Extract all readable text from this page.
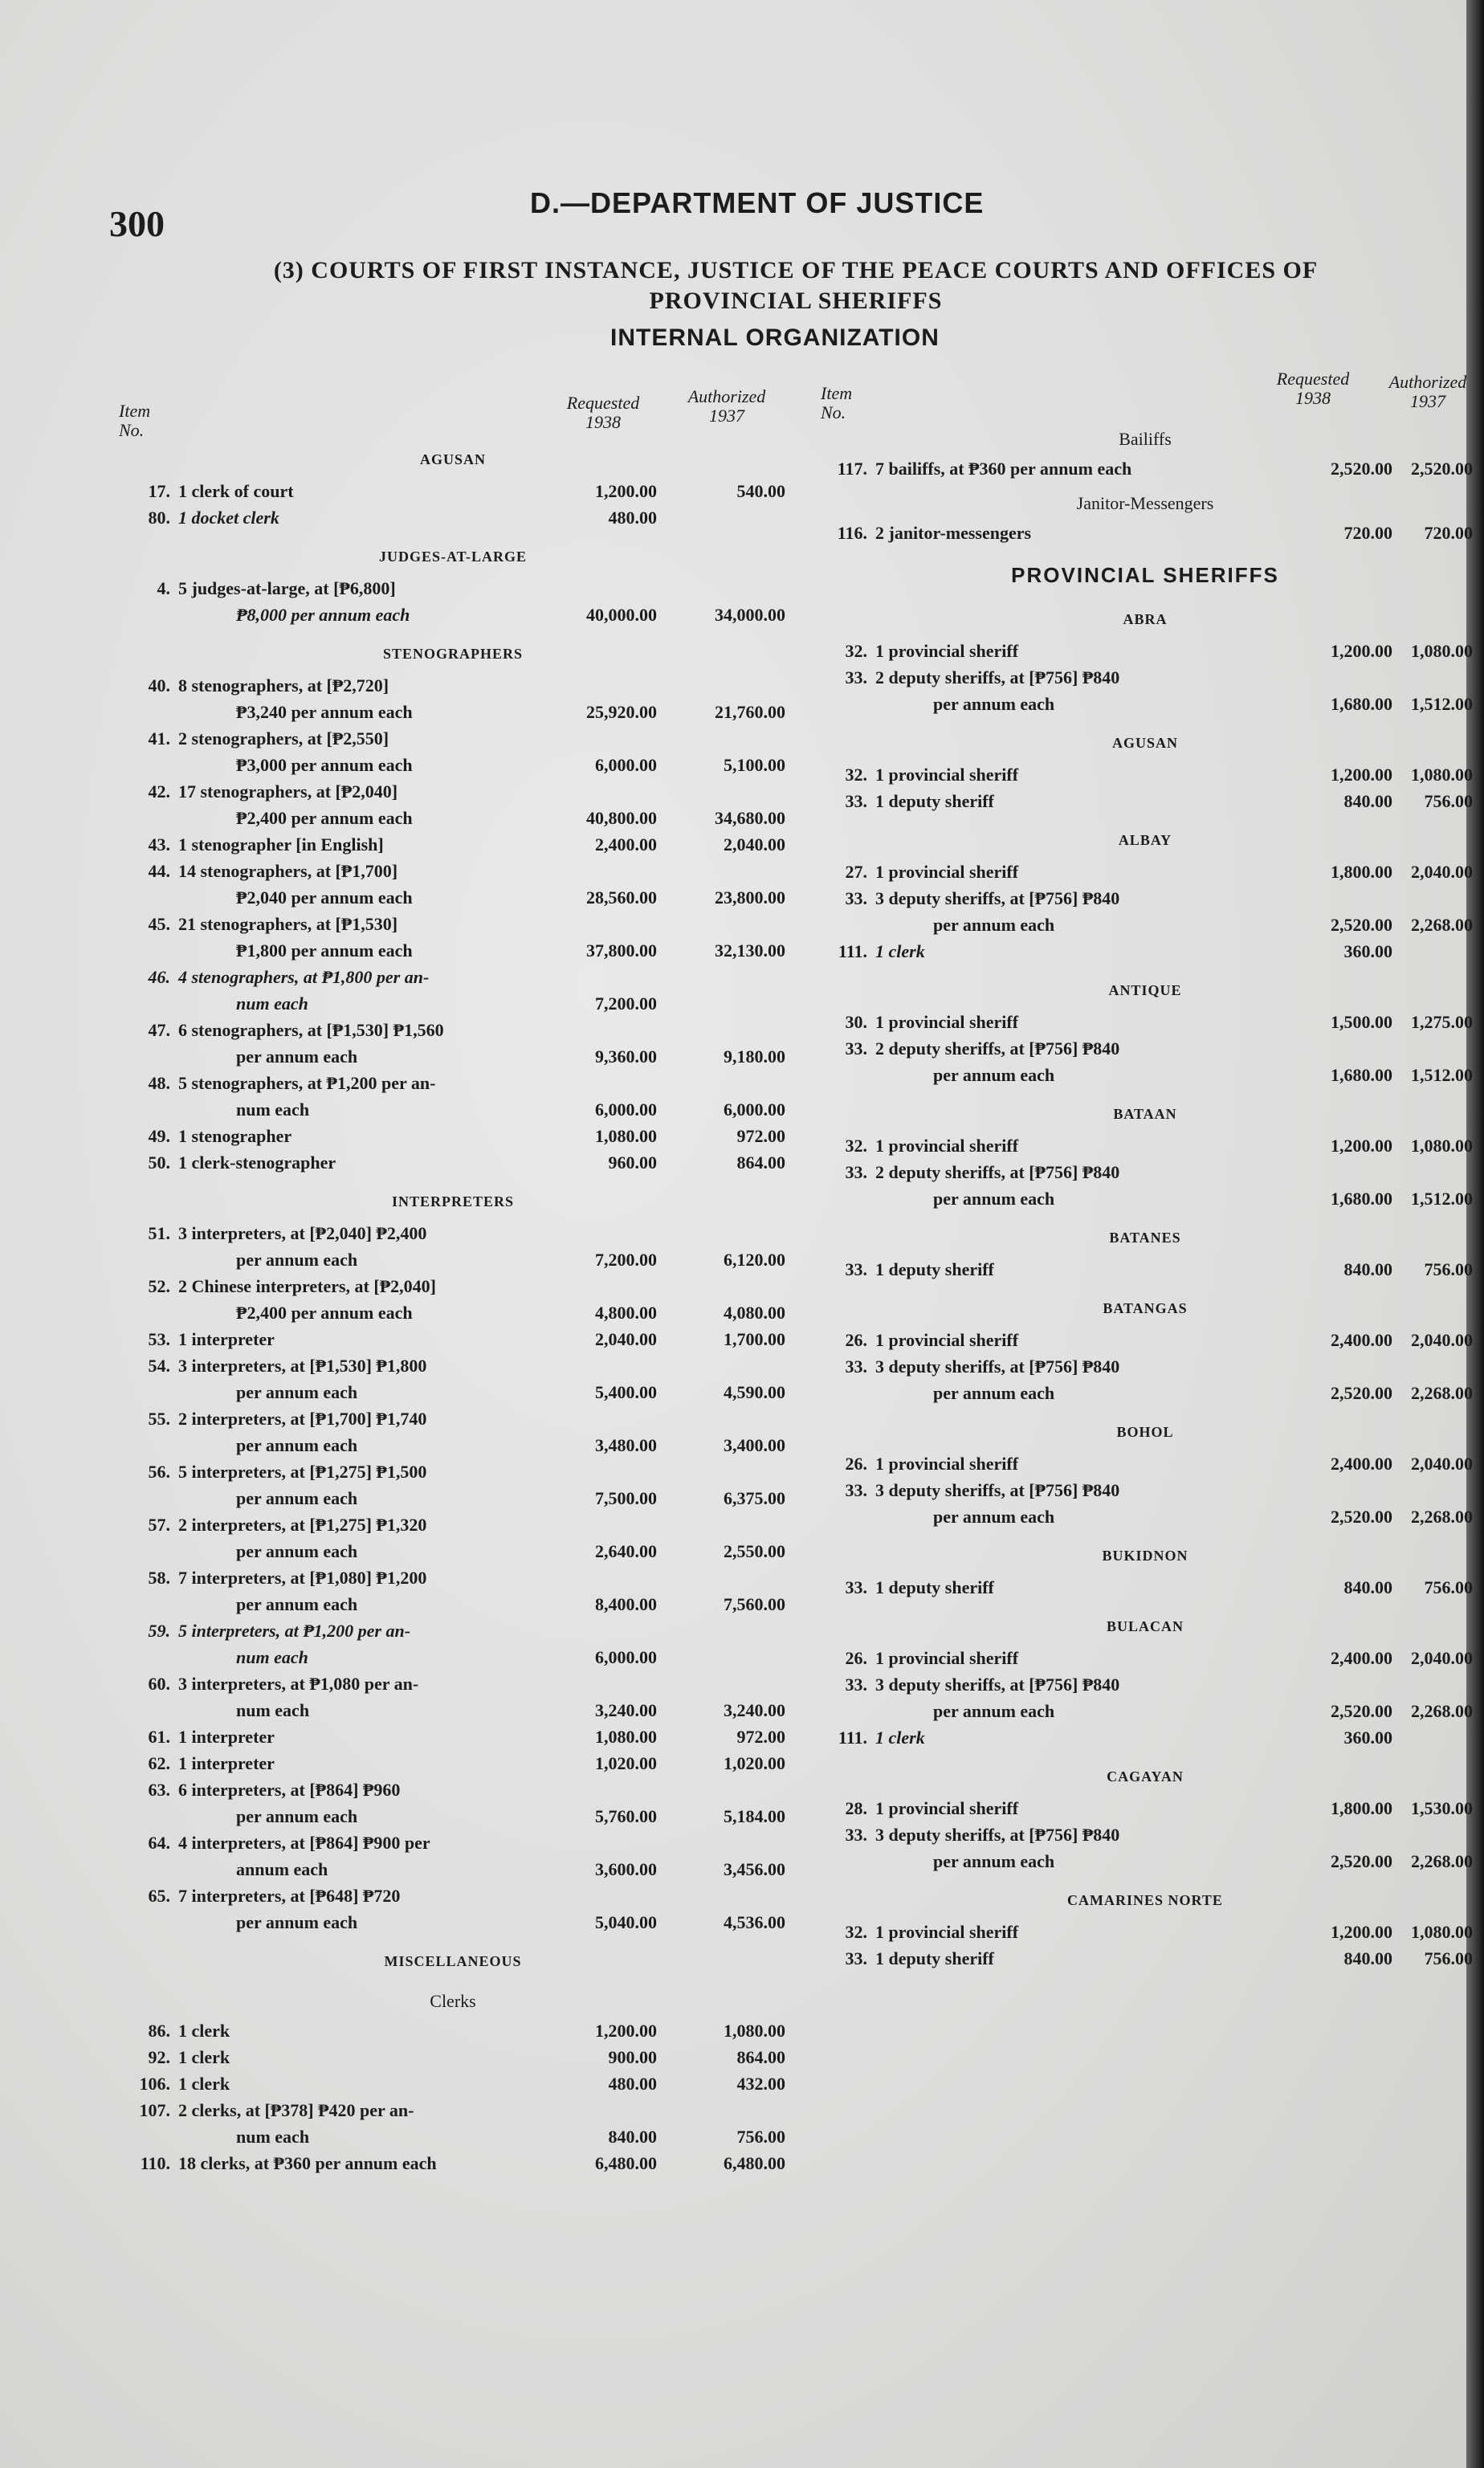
300
D.—DEPARTMENT OF JUSTICE
(3) COURTS OF FIRST INSTANCE, JUSTICE OF THE PEACE COURTS AND OFFICES OF
PROVINCIAL SHERIFFS
INTERNAL ORGANIZATION
Item
No.
Requested
1938
Authorized
1937
Item
No.
Requested
1938
Authorized
1937
AGUSAN
17. 1 clerk of court	1,200.00	540.00
80. 1 docket clerk	480.00
JUDGES-AT-LARGE
4. 5 judges-at-large, at [₱6,800]
₱8,000 per annum each	40,000.00	34,000.00
STENOGRAPHERS
40. 8 stenographers, at [₱2,720]
₱3,240 per annum each	25,920.00	21,760.00
41. 2 stenographers, at [₱2,550]
₱3,000 per annum each	6,000.00	5,100.00
42. 17 stenographers, at [₱2,040]
₱2,400 per annum each	40,800.00	34,680.00
43. 1 stenographer [in English]	2,400.00	2,040.00
44. 14 stenographers, at [₱1,700]
₱2,040 per annum each	28,560.00	23,800.00
45. 21 stenographers, at [₱1,530]
₱1,800 per annum each	37,800.00	32,130.00
46. 4 stenographers, at ₱1,800 per an-
num each	7,200.00
47. 6 stenographers, at [₱1,530] ₱1,560
per annum each	9,360.00	9,180.00
48. 5 stenographers, at ₱1,200 per an-
num each	6,000.00	6,000.00
49. 1 stenographer	1,080.00	972.00
50. 1 clerk-stenographer	960.00	864.00
INTERPRETERS
51. 3 interpreters, at [₱2,040] ₱2,400
per annum each	7,200.00	6,120.00
52. 2 Chinese interpreters, at [₱2,040]
₱2,400 per annum each	4,800.00	4,080.00
53. 1 interpreter	2,040.00	1,700.00
54. 3 interpreters, at [₱1,530] ₱1,800
per annum each	5,400.00	4,590.00
55. 2 interpreters, at [₱1,700] ₱1,740
per annum each	3,480.00	3,400.00
56. 5 interpreters, at [₱1,275] ₱1,500
per annum each	7,500.00	6,375.00
57. 2 interpreters, at [₱1,275] ₱1,320
per annum each	2,640.00	2,550.00
58. 7 interpreters, at [₱1,080] ₱1,200
per annum each	8,400.00	7,560.00
59. 5 interpreters, at ₱1,200 per an-
num each	6,000.00
60. 3 interpreters, at ₱1,080 per an-
num each	3,240.00	3,240.00
61. 1 interpreter	1,080.00	972.00
62. 1 interpreter	1,020.00	1,020.00
63. 6 interpreters, at [₱864] ₱960
per annum each	5,760.00	5,184.00
64. 4 interpreters, at [₱864] ₱900 per
annum each	3,600.00	3,456.00
65. 7 interpreters, at [₱648] ₱720
per annum each	5,040.00	4,536.00
MISCELLANEOUS
Clerks
86. 1 clerk	1,200.00	1,080.00
92. 1 clerk	900.00	864.00
106. 1 clerk	480.00	432.00
107. 2 clerks, at [₱378] ₱420 per an-
num each	840.00	756.00
110. 18 clerks, at ₱360 per annum each	6,480.00	6,480.00
Bailiffs
117. 7 bailiffs, at ₱360 per annum each	2,520.00	2,520.00
Janitor-Messengers
116. 2 janitor-messengers	720.00	720.00
PROVINCIAL SHERIFFS
ABRA
32. 1 provincial sheriff	1,200.00	1,080.00
33. 2 deputy sheriffs, at [₱756] ₱840
per annum each	1,680.00	1,512.00
AGUSAN
32. 1 provincial sheriff	1,200.00	1,080.00
33. 1 deputy sheriff	840.00	756.00
ALBAY
27. 1 provincial sheriff	1,800.00	2,040.00
33. 3 deputy sheriffs, at [₱756] ₱840
per annum each	2,520.00	2,268.00
111. 1 clerk	360.00
ANTIQUE
30. 1 provincial sheriff	1,500.00	1,275.00
33. 2 deputy sheriffs, at [₱756] ₱840
per annum each	1,680.00	1,512.00
BATAAN
32. 1 provincial sheriff	1,200.00	1,080.00
33. 2 deputy sheriffs, at [₱756] ₱840
per annum each	1,680.00	1,512.00
BATANES
33. 1 deputy sheriff	840.00	756.00
BATANGAS
26. 1 provincial sheriff	2,400.00	2,040.00
33. 3 deputy sheriffs, at [₱756] ₱840
per annum each	2,520.00	2,268.00
BOHOL
26. 1 provincial sheriff	2,400.00	2,040.00
33. 3 deputy sheriffs, at [₱756] ₱840
per annum each	2,520.00	2,268.00
BUKIDNON
33. 1 deputy sheriff	840.00	756.00
BULACAN
26. 1 provincial sheriff	2,400.00	2,040.00
33. 3 deputy sheriffs, at [₱756] ₱840
per annum each	2,520.00	2,268.00
111. 1 clerk	360.00
CAGAYAN
28. 1 provincial sheriff	1,800.00	1,530.00
33. 3 deputy sheriffs, at [₱756] ₱840
per annum each	2,520.00	2,268.00
CAMARINES NORTE
32. 1 provincial sheriff	1,200.00	1,080.00
33. 1 deputy sheriff	840.00	756.00
